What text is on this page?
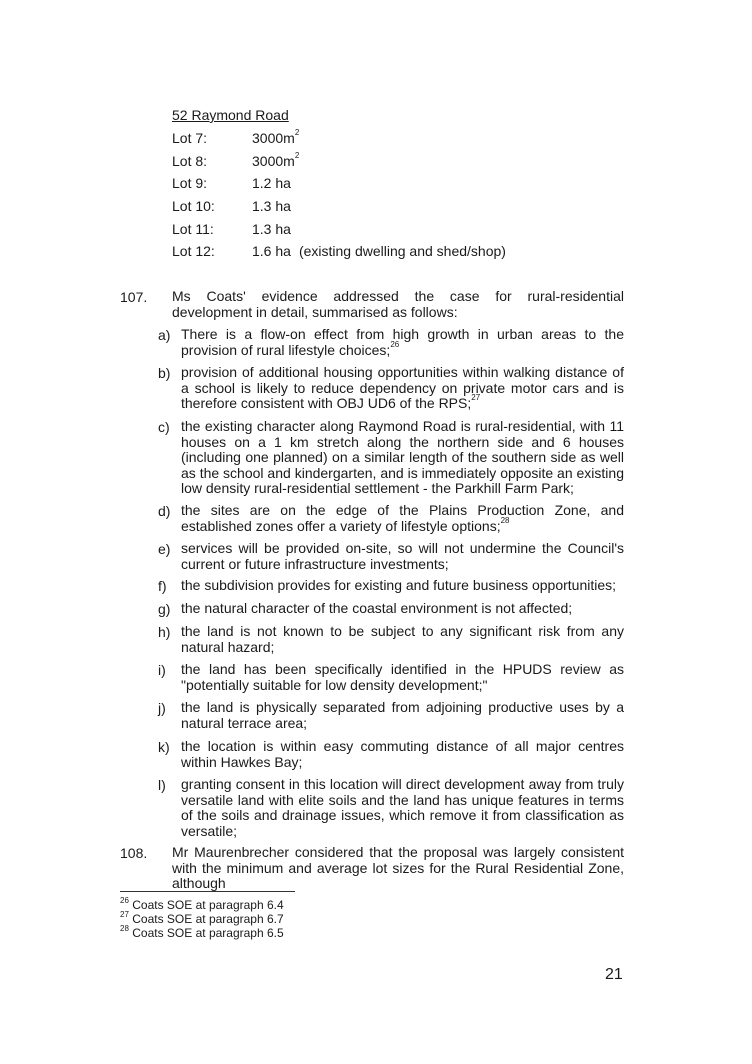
52 Raymond Road
Lot 7:	$3000m^2$
Lot 8:	$3000m^2$
Lot 9:	1.2 ha
Lot 10:	1.3 ha
Lot 11:	1.3 ha
Lot 12:	1.6 ha (existing dwelling and shed/shop)
107. Ms Coats' evidence addressed the case for rural-residential development in detail, summarised as follows:
a) There is a flow-on effect from high growth in urban areas to the provision of rural lifestyle choices;$^{26}$
b) provision of additional housing opportunities within walking distance of a school is likely to reduce dependency on private motor cars and is therefore consistent with OBJ UD6 of the RPS;$^{27}$
c) the existing character along Raymond Road is rural-residential, with 11 houses on a 1 km stretch along the northern side and 6 houses (including one planned) on a similar length of the southern side as well as the school and kindergarten, and is immediately opposite an existing low density rural-residential settlement - the Parkhill Farm Park;
d) the sites are on the edge of the Plains Production Zone, and established zones offer a variety of lifestyle options;$^{28}$
e) services will be provided on-site, so will not undermine the Council's current or future infrastructure investments;
f) the subdivision provides for existing and future business opportunities;
g) the natural character of the coastal environment is not affected;
h) the land is not known to be subject to any significant risk from any natural hazard;
i) the land has been specifically identified in the HPUDS review as "potentially suitable for low density development;"
j) the land is physically separated from adjoining productive uses by a natural terrace area;
k) the location is within easy commuting distance of all major centres within Hawkes Bay;
l) granting consent in this location will direct development away from truly versatile land with elite soils and the land has unique features in terms of the soils and drainage issues, which remove it from classification as versatile;
108. Mr Maurenbrecher considered that the proposal was largely consistent with the minimum and average lot sizes for the Rural Residential Zone, although
$^{26}$ Coats SOE at paragraph 6.4
$^{27}$ Coats SOE at paragraph 6.7
$^{28}$ Coats SOE at paragraph 6.5
21
